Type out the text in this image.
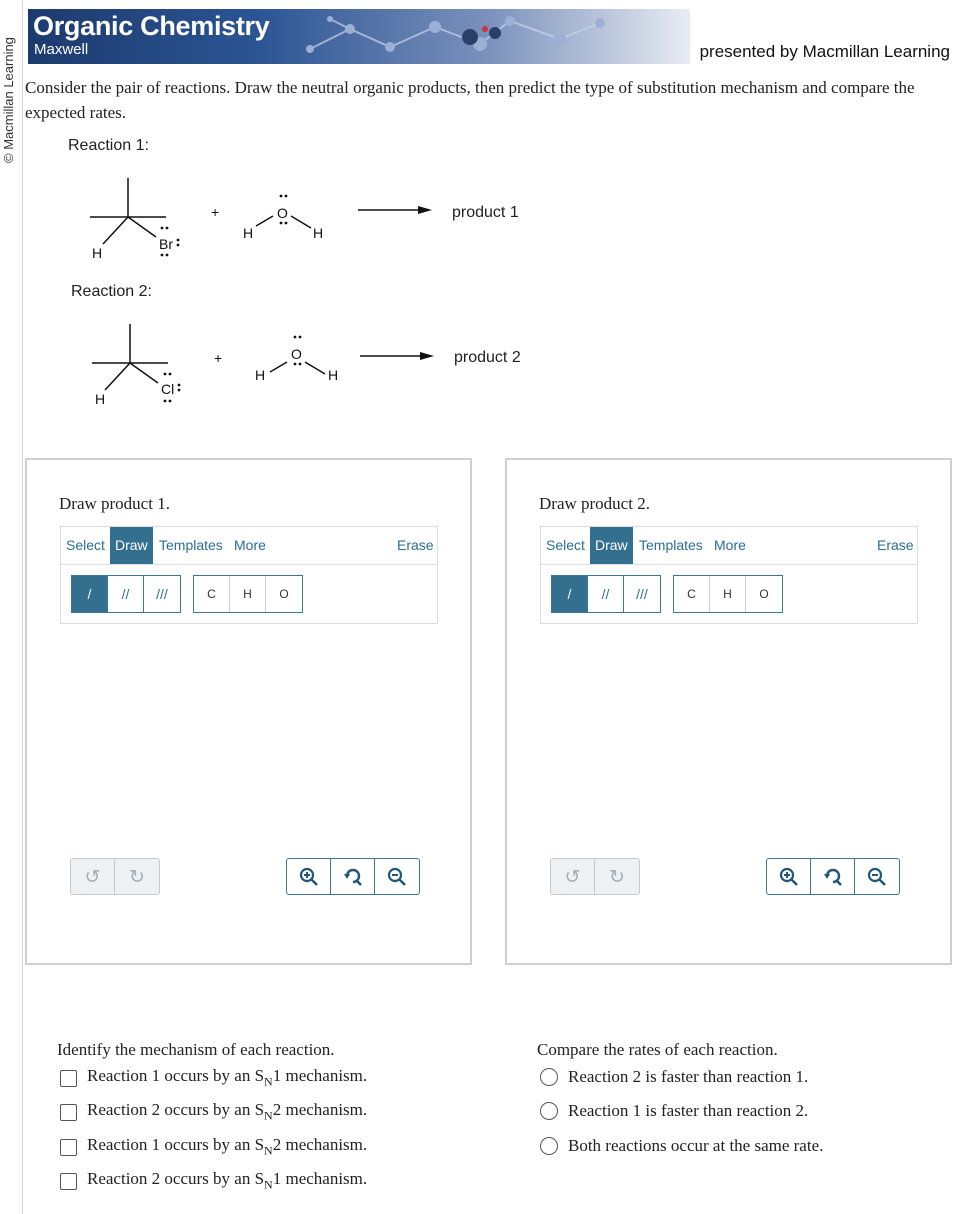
© Macmillan Learning
Organic Chemistry
Maxwell	presented by Macmillan Learning
Consider the pair of reactions. Draw the neutral organic products, then predict the type of substitution mechanism and compare the expected rates.
Reaction 1:
H
Br
+
H
O
H
product 1
Reaction 2:
H
Cl
+
H
O
H
product 2
Draw product 1.
Select Draw Templates More	Erase
/	//	///	C	H	O
↺	↻
Draw product 2.
Select Draw Templates More	Erase
/	//	///	C	H	O
↺	↻
Identify the mechanism of each reaction.
Reaction 1 occurs by an $S_N1$ mechanism.
Reaction 2 occurs by an $S_N2$ mechanism.
Reaction 1 occurs by an $S_N2$ mechanism.
Reaction 2 occurs by an $S_N1$ mechanism.
Compare the rates of each reaction.
Reaction 2 is faster than reaction 1.
Reaction 1 is faster than reaction 2.
Both reactions occur at the same rate.
